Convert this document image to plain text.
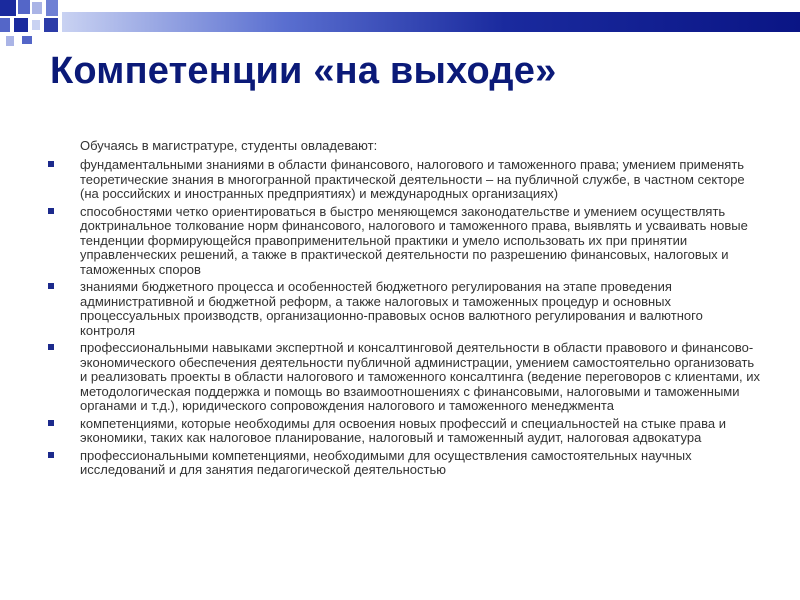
Компетенции «на выходе»
Обучаясь в магистратуре, студенты овладевают:
фундаментальными знаниями в области финансового, налогового и таможенного права; умением применять теоретические знания в многогранной практической деятельности – на публичной службе, в частном секторе (на российских и иностранных предприятиях) и международных организациях)
способностями четко ориентироваться в быстро меняющемся законодательстве и умением осуществлять доктринальное толкование норм финансового, налогового и таможенного права, выявлять и усваивать новые тенденции формирующейся правоприменительной практики и умело использовать их при принятии управленческих решений, а также в практической деятельности по разрешению финансовых, налоговых и таможенных споров
знаниями бюджетного процесса и особенностей бюджетного регулирования на этапе проведения административной и бюджетной реформ, а также налоговых и таможенных процедур и основных процессуальных производств, организационно-правовых основ валютного регулирования и валютного контроля
профессиональными навыками экспертной и консалтинговой деятельности в области правового и финансово-экономического обеспечения деятельности публичной администрации, умением самостоятельно организовать и реализовать проекты в области налогового и таможенного консалтинга (ведение переговоров с клиентами, их методологическая поддержка и помощь во взаимоотношениях с финансовыми, налоговыми и таможенными органами и т.д.), юридического сопровождения налогового и таможенного менеджмента
компетенциями, которые необходимы для освоения новых профессий и специальностей на стыке права и экономики, таких как налоговое планирование, налоговый и таможенный аудит, налоговая адвокатура
профессиональными компетенциями, необходимыми для осуществления самостоятельных научных исследований и для занятия педагогической деятельностью
